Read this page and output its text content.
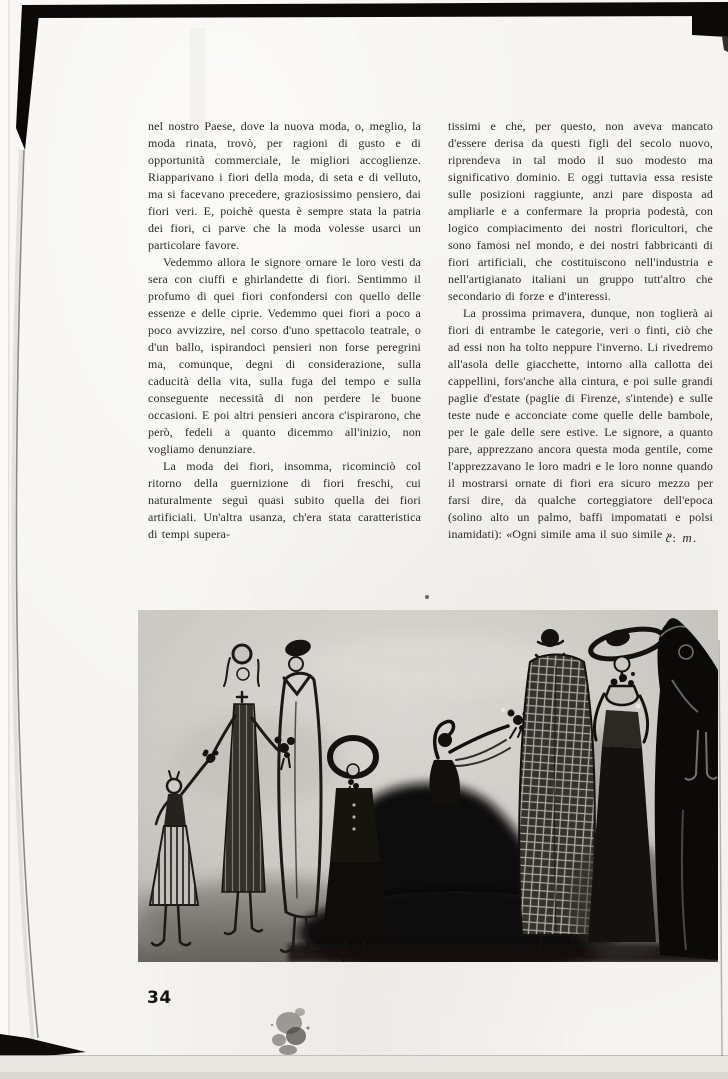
nel nostro Paese, dove la nuova moda, o, meglio, la moda rinata, trovò, per ragioni di gusto e di opportunità commerciale, le migliori accoglienze. Riapparivano i fiori della moda, di seta e di velluto, ma si facevano precedere, graziosissimo pensiero, dai fiori veri. E, poichè questa è sempre stata la patria dei fiori, ci parve che la moda volesse usarci un particolare favore.

Vedemmo allora le signore ornare le loro vesti da sera con ciuffi e ghirlandette di fiori. Sentimmo il profumo di quei fiori confondersi con quello delle essenze e delle ciprie. Vedemmo quei fiori a poco a poco avvizzire, nel corso d'uno spettacolo teatrale, o d'un ballo, ispirandoci pensieri non forse peregrini ma, comunque, degni di considerazione, sulla caducità della vita, sulla fuga del tempo e sulla conseguente necessità di non perdere le buone occasioni. E poi altri pensieri ancora c'ispirarono, che però, fedeli a quanto dicemmo all'inizio, non vogliamo denunziare.

La moda dei fiori, insomma, ricominciò col ritorno della guernizione di fiori freschi, cui naturalmente seguì quasi subito quella dei fiori artificiali. Un'altra usanza, ch'era stata caratteristica di tempi supera-

tissimi e che, per questo, non aveva mancato d'essere derisa da questi figli del secolo nuovo, riprendeva in tal modo il suo modesto ma significativo dominio. E oggi tuttavia essa resiste sulle posizioni raggiunte, anzi pare disposta ad ampliarle e a confermare la propria podestà, con logico compiacimento dei nostri floricultori, che sono famosi nel mondo, e dei nostri fabbricanti di fiori artificiali, che costituiscono nell'industria e nell'artigianato italiani un gruppo tutt'altro che secondario di forze e d'interessi.

La prossima primavera, dunque, non toglierà ai fiori di entrambe le categorie, veri o finti, ciò che ad essi non ha tolto neppure l'inverno. Li rivedremo all'asola delle giacchette, intorno alla callotta dei cappellini, fors'anche alla cintura, e poi sulle grandi paglie d'estate (paglie di Firenze, s'intende) e sulle teste nude e acconciate come quelle delle bambole, per le gale delle sere estive. Le signore, a quanto pare, apprezzano ancora questa moda gentile, come l'apprezzavano le loro madri e le loro nonne quando il mostrarsi ornate di fiori era sicuro mezzo per farsi dire, da qualche corteggiatore dell'epoca (solino alto un palmo, baffi impomatati e polsi inamidati): «Ogni simile ama il suo simile ».

c. m.
34
